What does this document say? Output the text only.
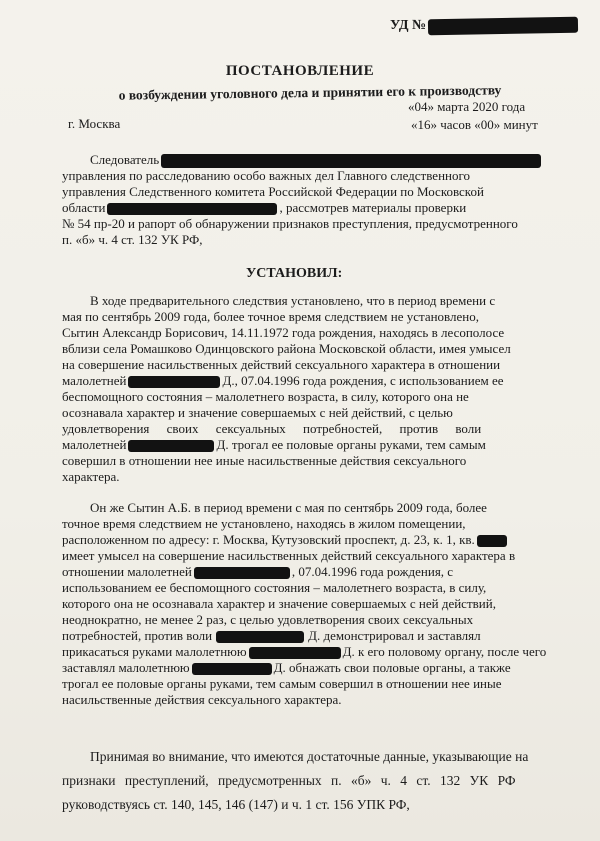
УД №
ПОСТАНОВЛЕНИЕ
о возбуждении уголовного дела и принятии его к производству
«04» марта 2020 года
г. Москва	«16» часов «00» минут
Следователь
управления по расследованию особо важных дел Главного следственного
управления Следственного комитета Российской Федерации по Московской
области	, рассмотрев материалы проверки
№ 54 пр-20 и рапорт об обнаружении признаков преступления, предусмотренного
п. «б» ч. 4 ст. 132 УК РФ,
УСТАНОВИЛ:
В ходе предварительного следствия установлено, что в период времени с
мая по сентябрь 2009 года, более точное время следствием не установлено,
Сытин Александр Борисович, 14.11.1972 года рождения, находясь в лесополосе
вблизи села Ромашково Одинцовского района Московской области, имея умысел
на совершение насильственных действий сексуального характера в отношении
малолетней	Д., 07.04.1996 года рождения, с использованием ее
беспомощного состояния – малолетнего возраста, в силу, которого она не
осознавала характер и значение совершаемых с ней действий, с целью
удовлетворения своих сексуальных потребностей, против воли
малолетней	Д. трогал ее половые органы руками, тем самым
совершил в отношении нее иные насильственные действия сексуального
характера.
Он же Сытин А.Б. в период времени с мая по сентябрь 2009 года, более
точное время следствием не установлено, находясь в жилом помещении,
расположенном по адресу: г. Москва, Кутузовский проспект, д. 23, к. 1, кв.
имеет умысел на совершение насильственных действий сексуального характера в
отношении малолетней	, 07.04.1996 года рождения, с
использованием ее беспомощного состояния – малолетнего возраста, в силу,
которого она не осознавала характер и значение совершаемых с ней действий,
неоднократно, не менее 2 раз, с целью удовлетворения своих сексуальных
потребностей, против воли	Д. демонстрировал и заставлял
прикасаться руками малолетнюю	Д. к его половому органу, после чего
заставлял малолетнюю	Д. обнажать свои половые органы, а также
трогал ее половые органы руками, тем самым совершил в отношении нее иные
насильственные действия сексуального характера.
Принимая во внимание, что имеются достаточные данные, указывающие на
признаки преступлений, предусмотренных п. «б» ч. 4 ст. 132 УК РФ
руководствуясь ст. 140, 145, 146 (147) и ч. 1 ст. 156 УПК РФ,
